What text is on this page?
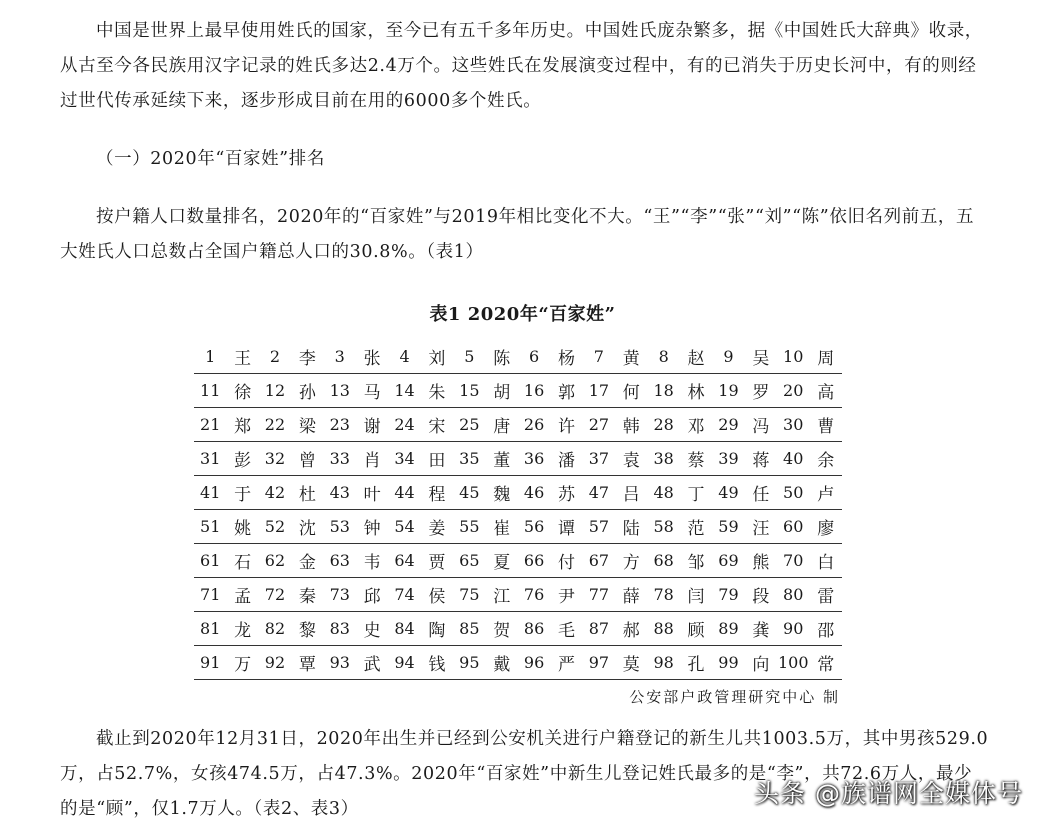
中国是世界上最早使用姓氏的国家，至今已有五千多年历史。中国姓氏庞杂繁多，据《中国姓氏大辞典》收录，从古至今各民族用汉字记录的姓氏多达2.4万个。这些姓氏在发展演变过程中，有的已消失于历史长河中，有的则经过世代传承延续下来，逐步形成目前在用的6000多个姓氏。

（一）2020年“百家姓”排名

按户籍人口数量排名，2020年的“百家姓”与2019年相比变化不大。“王”“李”“张”“刘”“陈”依旧名列前五，五大姓氏人口总数占全国户籍总人口的30.8%。（表1）

表1 2020年“百家姓”
1	王	2	李	3	张	4	刘	5	陈	6	杨	7	黄	8	赵	9	吴	10	周
11	徐	12	孙	13	马	14	朱	15	胡	16	郭	17	何	18	林	19	罗	20	高
21	郑	22	梁	23	谢	24	宋	25	唐	26	许	27	韩	28	邓	29	冯	30	曹
31	彭	32	曾	33	肖	34	田	35	董	36	潘	37	袁	38	蔡	39	蒋	40	余
41	于	42	杜	43	叶	44	程	45	魏	46	苏	47	吕	48	丁	49	任	50	卢
51	姚	52	沈	53	钟	54	姜	55	崔	56	谭	57	陆	58	范	59	汪	60	廖
61	石	62	金	63	韦	64	贾	65	夏	66	付	67	方	68	邹	69	熊	70	白
71	孟	72	秦	73	邱	74	侯	75	江	76	尹	77	薛	78	闫	79	段	80	雷
81	龙	82	黎	83	史	84	陶	85	贺	86	毛	87	郝	88	顾	89	龚	90	邵
91	万	92	覃	93	武	94	钱	95	戴	96	严	97	莫	98	孔	99	向	100	常
公安部户政管理研究中心 制

截止到2020年12月31日，2020年出生并已经到公安机关进行户籍登记的新生儿共1003.5万，其中男孩529.0万，占52.7%，女孩474.5万，占47.3%。2020年“百家姓”中新生儿登记姓氏最多的是“李”，共72.6万人，最少的是“顾”，仅1.7万人。（表2、表3）

头条 @族谱网全媒体号
